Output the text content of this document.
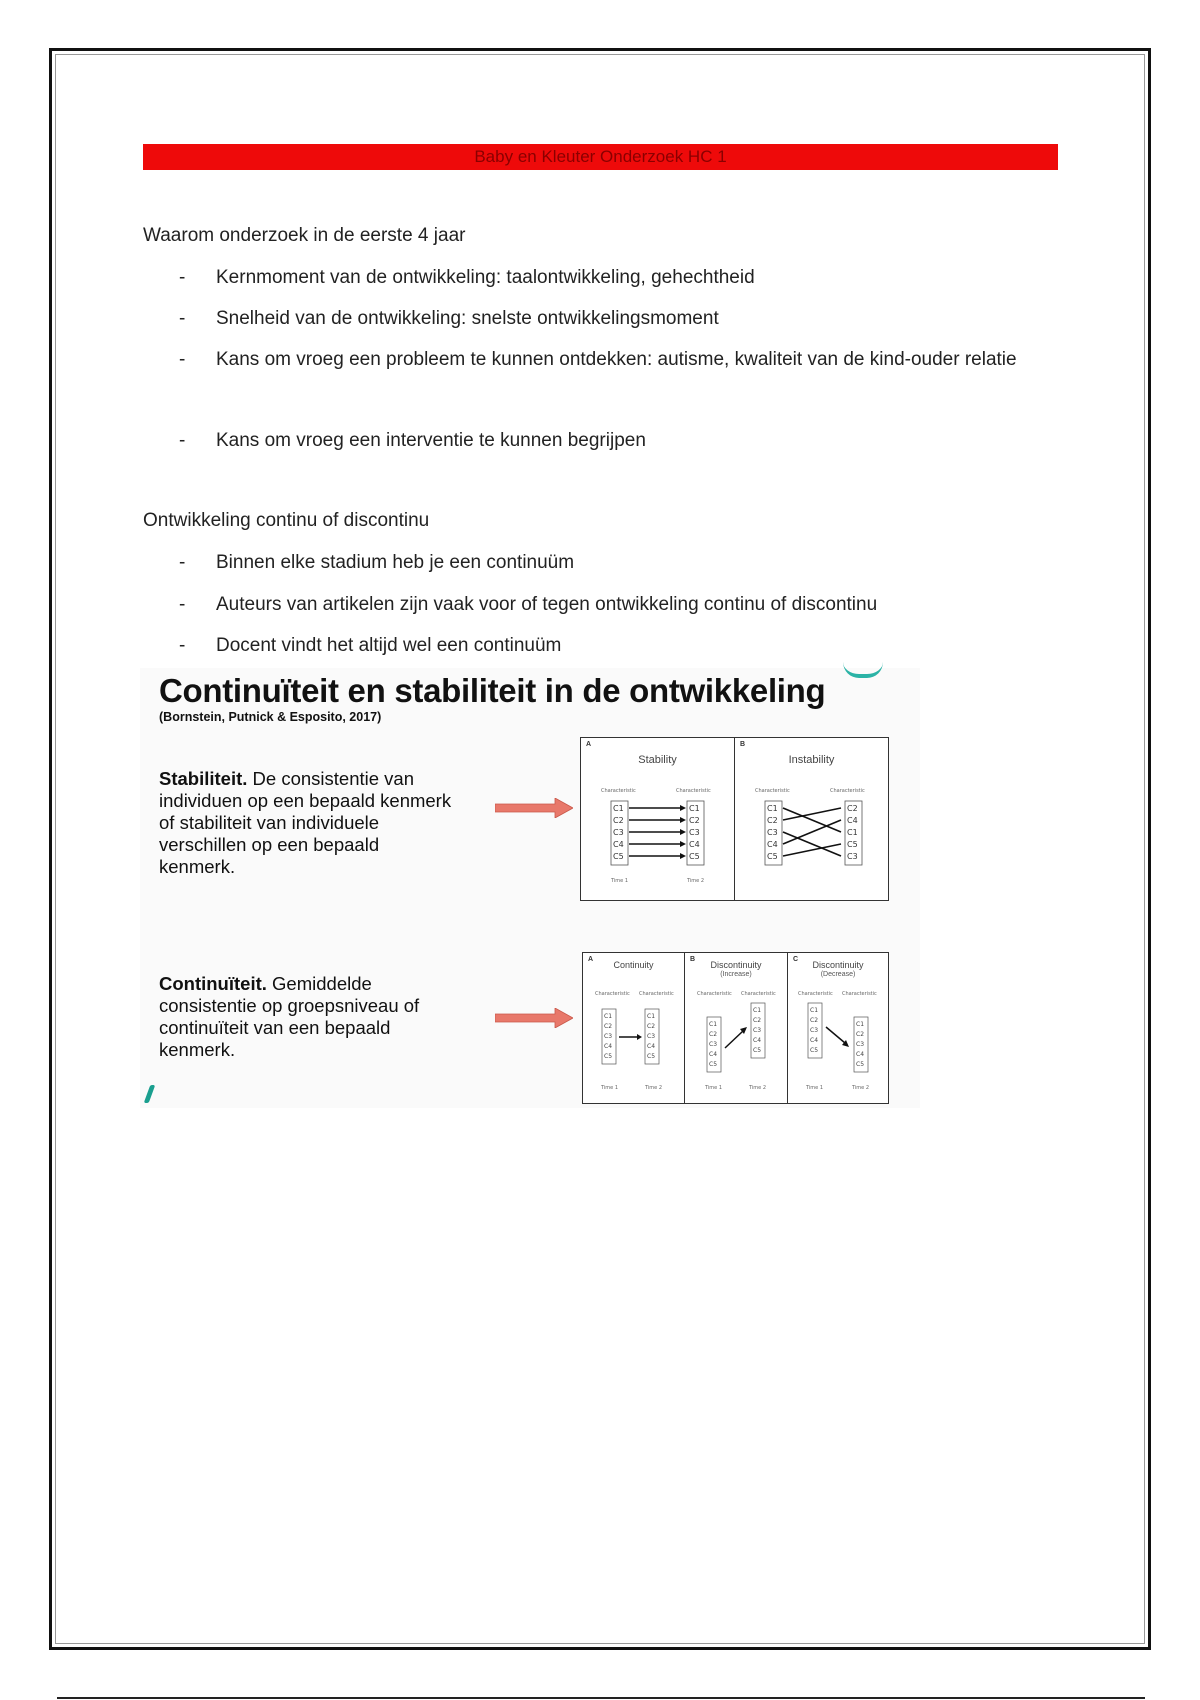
Baby en Kleuter Onderzoek HC 1
Waarom onderzoek in de eerste 4 jaar
- Kernmoment van de ontwikkeling: taalontwikkeling, gehechtheid
- Snelheid van de ontwikkeling: snelste ontwikkelingsmoment
- Kans om vroeg een probleem te kunnen ontdekken: autisme, kwaliteit van de kind-ouder relatie
- Kans om vroeg een interventie te kunnen begrijpen
Ontwikkeling continu of discontinu
- Binnen elke stadium heb je een continuüm
- Auteurs van artikelen zijn vaak voor of tegen ontwikkeling continu of discontinu
- Docent vindt het altijd wel een continuüm
Continuïteit en stabiliteit in de ontwikkeling
(Bornstein, Putnick & Esposito, 2017)
Stabiliteit. De consistentie van individuen op een bepaald kenmerk of stabiliteit van individuele verschillen op een bepaald kenmerk.
A
Stability
Characteristic	Characteristic
C1
C2
C3
C4
C5
C1
C2
C3
C4
C5
Time 1	Time 2
B
Instability
Characteristic	Characteristic
C1
C2
C3
C4
C5
C2
C4
C1
C5
C3
Continuïteit. Gemiddelde consistentie op groepsniveau of continuïteit van een bepaald kenmerk.
A
Continuity
Characteristic Characteristic
C1
C2
C3
C4
C5
C1
C2
C3
C4
C5
Time 1	Time 2
B
Discontinuity
(Increase)
Characteristic Characteristic
C1
C2
C3
C4
C5
C1
C2
C3
C4
C5
Time 1	Time 2
C
Discontinuity
(Decrease)
Characteristic Characteristic
C1
C2
C3
C4
C5
C1
C2
C3
C4
C5
Time 1	Time 2
